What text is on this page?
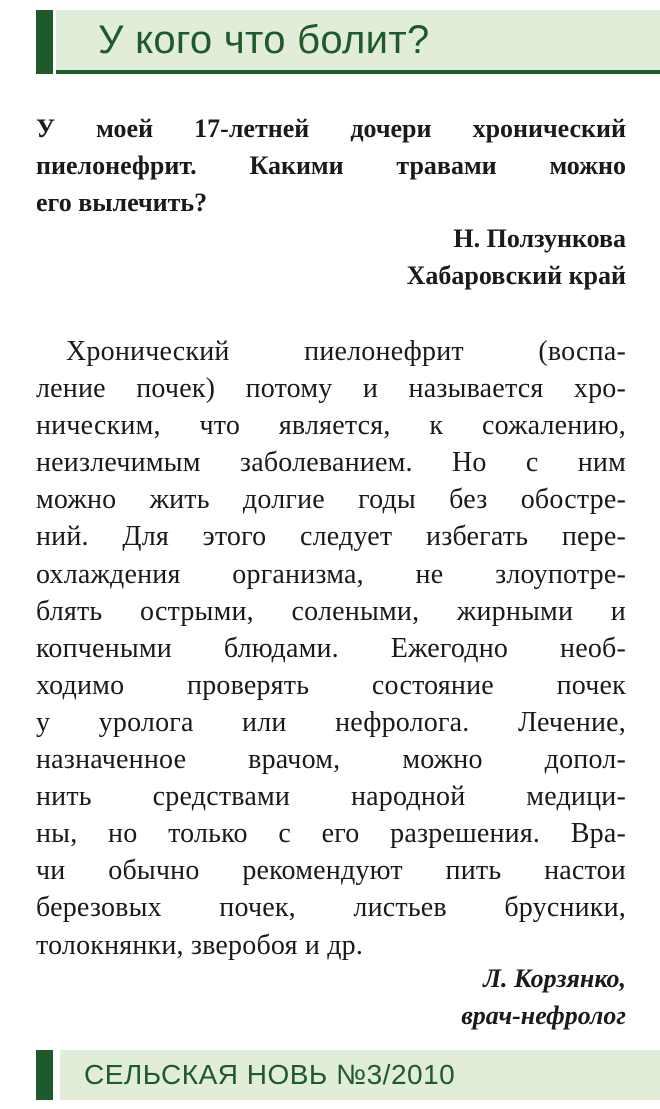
У кого что болит?
У моей 17-летней дочери хронический
пиелонефрит. Какими травами можно
его вылечить?
Н. Ползункова
Хабаровский край
Хронический пиелонефрит (воспа-
ление почек) потому и называется хро-
ническим, что является, к сожалению,
неизлечимым заболеванием. Но с ним
можно жить долгие годы без обостре-
ний. Для этого следует избегать пере-
охлаждения организма, не злоупотре-
блять острыми, солеными, жирными и
копчеными блюдами. Ежегодно необ-
ходимо проверять состояние почек
у уролога или нефролога. Лечение,
назначенное врачом, можно допол-
нить средствами народной медици-
ны, но только с его разрешения. Вра-
чи обычно рекомендуют пить настои
березовых почек, листьев брусники,
толокнянки, зверобоя и др.
Л. Корзянко,
врач-нефролог
СЕЛЬСКАЯ НОВЬ №3/2010
